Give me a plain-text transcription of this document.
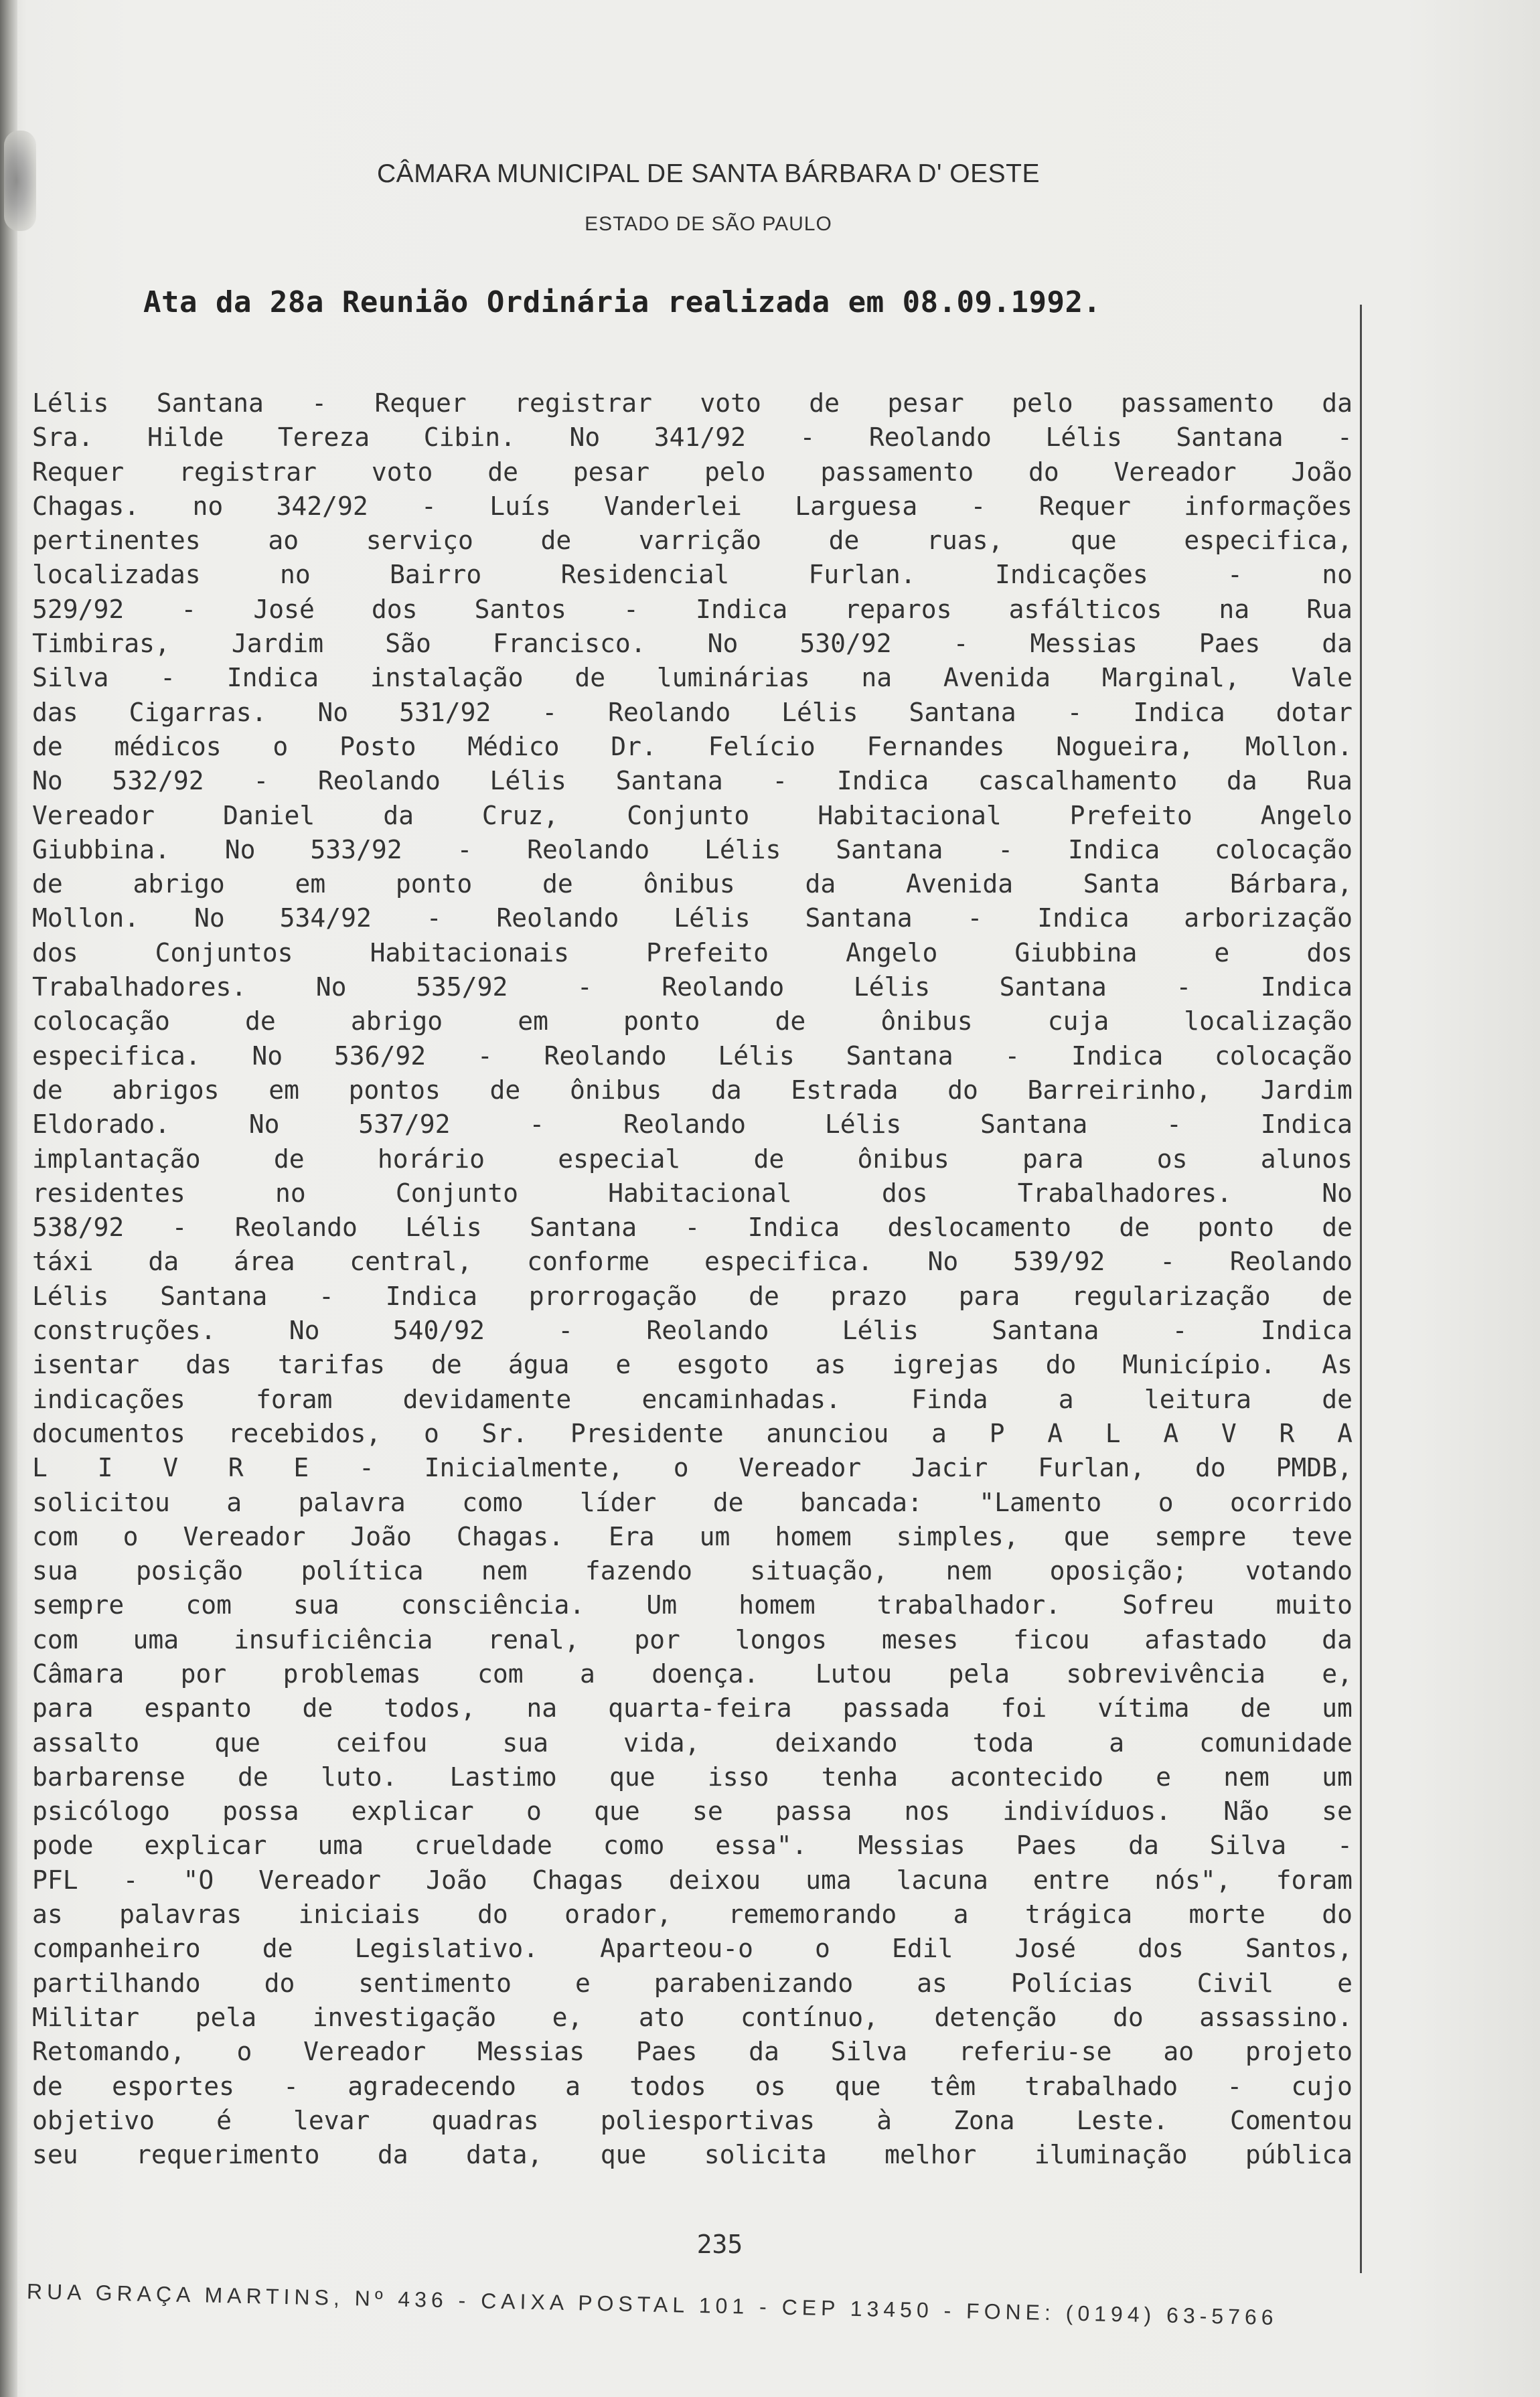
CÂMARA MUNICIPAL DE SANTA BÁRBARA D' OESTE
ESTADO DE SÃO PAULO
Ata da 28a Reunião Ordinária realizada em 08.09.1992.
Lélis Santana - Requer registrar voto de pesar pelo passamento da
Sra. Hilde Tereza Cibin. No 341/92 - Reolando Lélis Santana -
Requer registrar voto de pesar pelo passamento do Vereador João
Chagas. no 342/92 - Luís Vanderlei Larguesa - Requer informações
pertinentes	ao	serviço	de	varrição	de	ruas,	que	especifica,
localizadas	no	Bairro	Residencial	Furlan.	Indicações	-	no
529/92 - José dos Santos - Indica reparos asfálticos na Rua
Timbiras, Jardim São Francisco. No 530/92 - Messias Paes da
Silva - Indica instalação de luminárias na Avenida Marginal, Vale
das Cigarras. No 531/92 - Reolando Lélis Santana - Indica dotar
de médicos o Posto Médico Dr. Felício Fernandes Nogueira, Mollon.
No 532/92 - Reolando Lélis Santana - Indica cascalhamento da Rua
Vereador	Daniel	da	Cruz,	Conjunto	Habitacional	Prefeito	Angelo
Giubbina. No 533/92 - Reolando Lélis Santana - Indica colocação
de	abrigo	em	ponto	de	ônibus	da	Avenida	Santa	Bárbara,
Mollon. No 534/92 - Reolando Lélis Santana - Indica arborização
dos	Conjuntos	Habitacionais	Prefeito	Angelo	Giubbina	e	dos
Trabalhadores.	No	535/92	-	Reolando	Lélis	Santana	-	Indica
colocação	de	abrigo	em	ponto	de	ônibus	cuja	localização
especifica. No 536/92 - Reolando Lélis Santana - Indica colocação
de abrigos em pontos de ônibus da Estrada do Barreirinho, Jardim
Eldorado.	No	537/92	-	Reolando	Lélis	Santana	-	Indica
implantação	de	horário	especial	de	ônibus	para	os	alunos
residentes	no	Conjunto	Habitacional	dos	Trabalhadores.	No
538/92 - Reolando Lélis Santana - Indica deslocamento de ponto de
táxi da área central, conforme especifica. No 539/92 - Reolando
Lélis Santana - Indica prorrogação de prazo para regularização de
construções.	No	540/92	-	Reolando	Lélis	Santana	-	Indica
isentar das tarifas de água e esgoto as igrejas do Município. As
indicações	foram	devidamente	encaminhadas.	Finda	a	leitura	de
documentos recebidos, o Sr. Presidente anunciou a P A L A V R A
L I V R E - Inicialmente, o Vereador Jacir Furlan, do PMDB,
solicitou a palavra como líder de bancada: "Lamento o ocorrido
com o Vereador João Chagas. Era um homem simples, que sempre teve
sua posição política nem fazendo situação, nem oposição; votando
sempre com sua consciência. Um homem trabalhador. Sofreu muito
com uma insuficiência renal, por longos meses ficou afastado da
Câmara por problemas com a doença. Lutou pela sobrevivência e,
para espanto de todos, na quarta-feira passada foi vítima de um
assalto	que	ceifou	sua	vida,	deixando	toda	a	comunidade
barbarense de luto. Lastimo que isso tenha acontecido e nem um
psicólogo possa explicar o que se passa nos indivíduos. Não se
pode explicar uma crueldade como essa". Messias Paes da Silva -
PFL - "O Vereador João Chagas deixou uma lacuna entre nós", foram
as palavras iniciais do orador, rememorando a trágica morte do
companheiro de Legislativo. Aparteou-o o Edil José dos Santos,
partilhando do sentimento e parabenizando as Polícias Civil e
Militar pela investigação e, ato contínuo, detenção do assassino.
Retomando, o Vereador Messias Paes da Silva referiu-se ao projeto
de esportes - agradecendo a todos os que têm trabalhado - cujo
objetivo é levar quadras poliesportivas à Zona Leste. Comentou
seu requerimento da data, que solicita melhor iluminação pública
235
RUA GRAÇA MARTINS, Nº 436 - CAIXA POSTAL 101 - CEP 13450 - FONE: (0194) 63-5766
